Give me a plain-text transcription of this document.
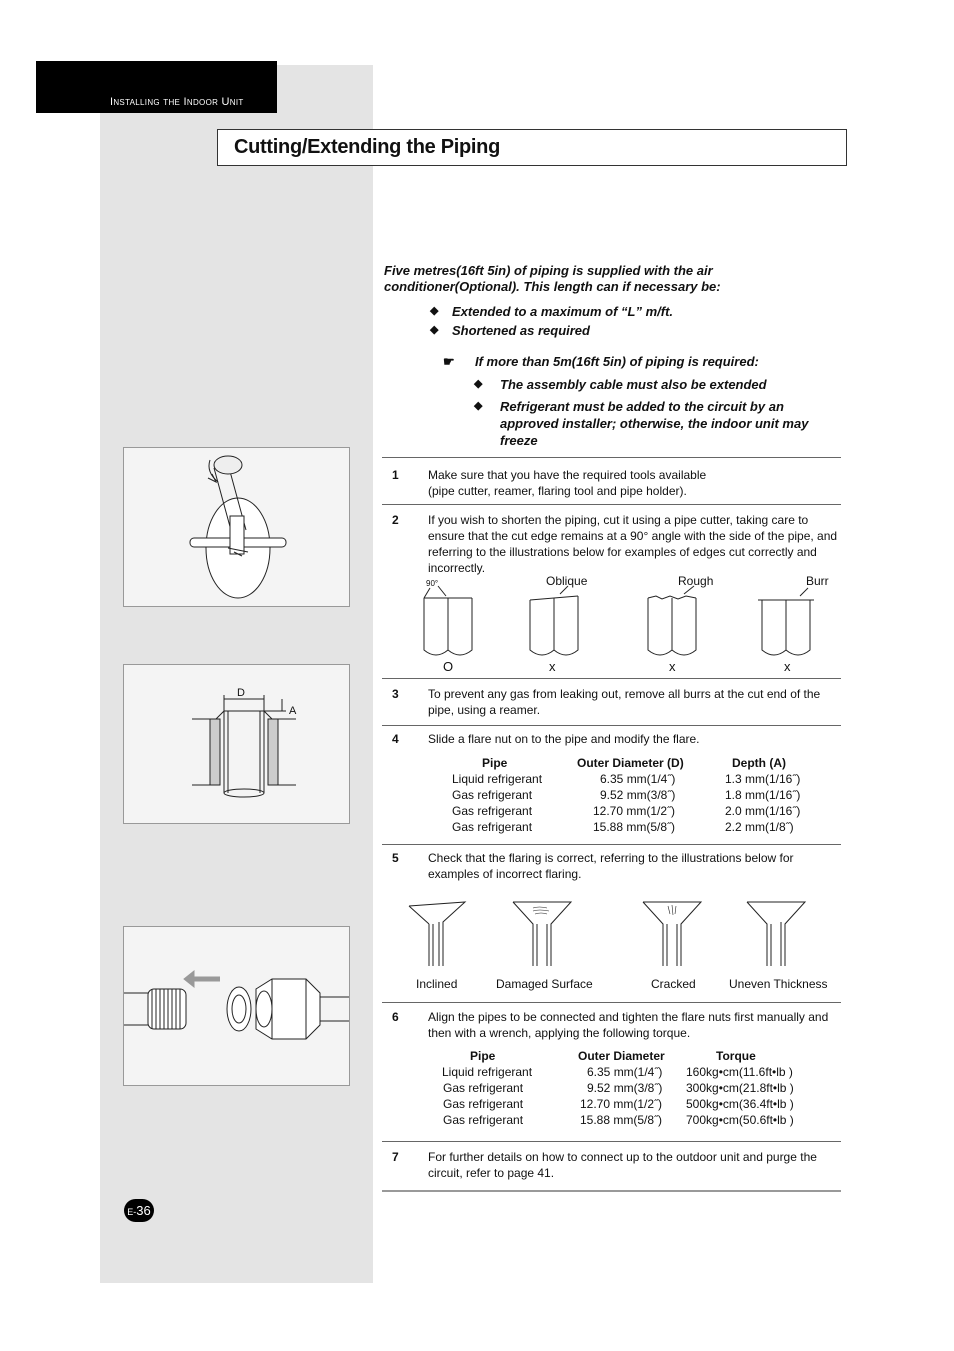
Installing the Indoor Unit
Cutting/Extending the Piping
Five metres(16ft 5in) of piping is supplied with the air conditioner(Optional). This length can if necessary be:
◆ Extended to a maximum of “L” m/ft.
◆ Shortened as required
☛ If more than 5m(16ft 5in) of piping is required:
◆ The assembly cable must also be extended
◆ Refrigerant must be added to the circuit by an approved installer; otherwise, the indoor unit may freeze
1 Make sure that you have the required tools available
(pipe cutter, reamer, flaring tool and pipe holder).
2 If you wish to shorten the piping, cut it using a pipe cutter, taking care to ensure that the cut edge remains at a 90° angle with the side of the pipe, and referring to the illustrations below for examples of edges cut correctly and incorrectly.
3 To prevent any gas from leaking out, remove all burrs at the cut end of the pipe, using a reamer.
4 Slide a flare nut on to the pipe and modify the flare.
5 Check that the flaring is correct, referring to the illustrations below for examples of incorrect flaring.
6 Align the pipes to be connected and tighten the flare nuts first manually and then with a wrench, applying the following torque.
7 For further details on how to connect up to the outdoor unit and purge the circuit, refer to page 41.
90°	Oblique	Rough	Burr
O	x	x	x
Pipe	Outer Diameter (D)	Depth (A)
Liquid refrigerant	6.35 mm(1/4˝)	1.3 mm(1/16˝)
Gas refrigerant	9.52 mm(3/8˝)	1.8 mm(1/16˝)
Gas refrigerant	12.70 mm(1/2˝)	2.0 mm(1/16˝)
Gas refrigerant	15.88 mm(5/8˝)	2.2 mm(1/8˝)
Inclined	Damaged Surface	Cracked	Uneven Thickness
Pipe	Outer Diameter	Torque
Liquid refrigerant	6.35 mm(1/4˝) 160kg•cm(11.6ft•lb )
Gas refrigerant	9.52 mm(3/8˝) 300kg•cm(21.8ft•lb )
Gas refrigerant	12.70 mm(1/2˝) 500kg•cm(36.4ft•lb )
Gas refrigerant	15.88 mm(5/8˝) 700kg•cm(50.6ft•lb )
D
A
E-36
